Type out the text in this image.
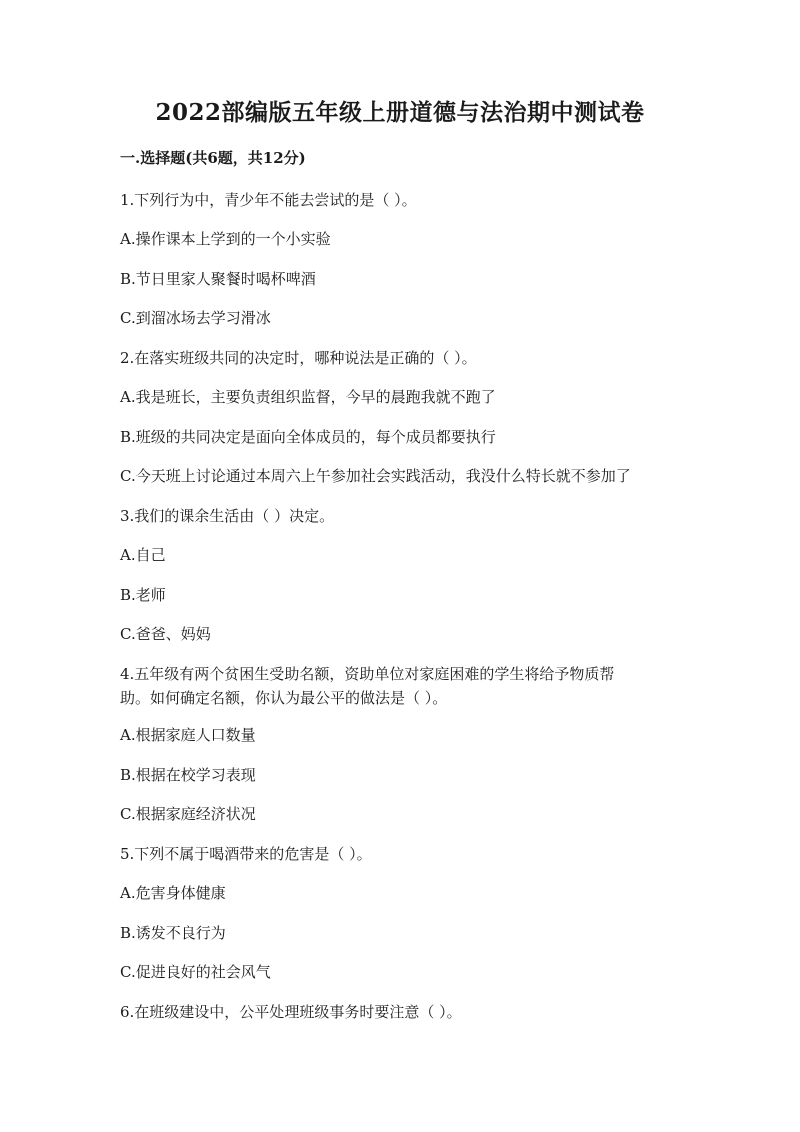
2022部编版五年级上册道德与法治期中测试卷
一.选择题(共6题，共12分)
1.下列行为中，青少年不能去尝试的是（ ）。
A.操作课本上学到的一个小实验
B.节日里家人聚餐时喝杯啤酒
C.到溜冰场去学习滑冰
2.在落实班级共同的决定时，哪种说法是正确的（ ）。
A.我是班长，主要负责组织监督，今早的晨跑我就不跑了
B.班级的共同决定是面向全体成员的，每个成员都要执行
C.今天班上讨论通过本周六上午参加社会实践活动，我没什么特长就不参加了
3.我们的课余生活由（ ）决定。
A.自己
B.老师
C.爸爸、妈妈
4.五年级有两个贫困生受助名额，资助单位对家庭困难的学生将给予物质帮
助。如何确定名额，你认为最公平的做法是（ ）。
A.根据家庭人口数量
B.根据在校学习表现
C.根据家庭经济状况
5.下列不属于喝酒带来的危害是（ ）。
A.危害身体健康
B.诱发不良行为
C.促进良好的社会风气
6.在班级建设中，公平处理班级事务时要注意（ ）。
